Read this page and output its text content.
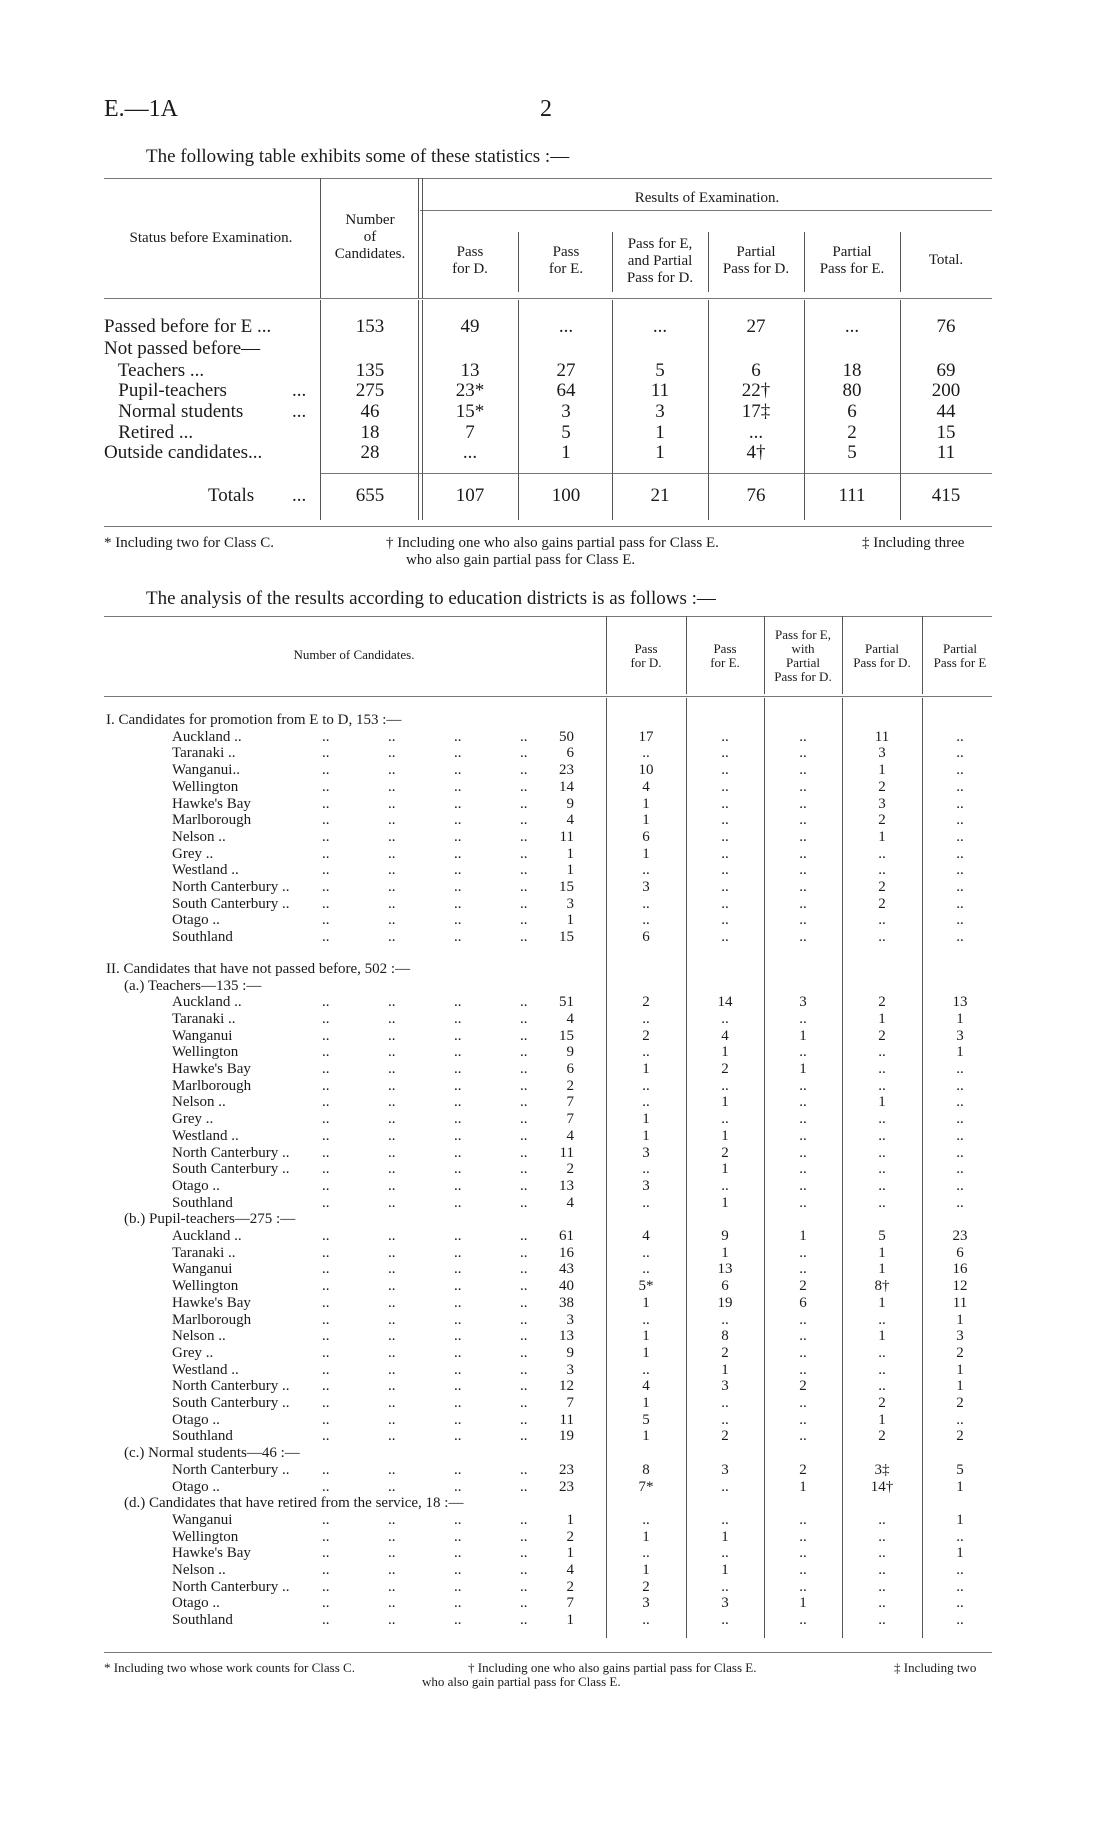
E.—1A	2
The following table exhibits some of these statistics :—
Status before Examination.
Number
of
Candidates.
Results of Examination.
Pass
for D.
Pass
for E.
Pass for E,
and Partial
Pass for D.
Partial
Pass for D.
Partial
Pass for E.
Total.
Passed before for E ...	153	49	...	...	27	...	76
Not passed before—
Teachers ...	135	13	27	5	6	18	69
Pupil-teachers	...	275	23*	64	11	22†	80	200
Normal students	...	46	15*	3	3	17‡	6	44
Retired ...	18	7	5	1	...	2	15
Outside candidates...	28	...	1	1	4†	5	11
Totals ...	655	107	100	21	76	111	415
* Including two for Class C.	† Including one who also gains partial pass for Class E.
who also gain partial pass for Class E.
‡ Including three
The analysis of the results according to education districts is as follows :—
Number of Candidates.	Pass
for D.
Pass
for E.
Pass for E,
with
Partial
Pass for D.
Partial
Pass for D.
Partial
Pass for E
I. Candidates for promotion from E to D, 153 :—
Auckland ..	..	..	..	..	50	17	..	..	11	..
Taranaki ..	..	..	..	..	6	..	..	..	3	..
Wanganui..	..	..	..	..	23	10	..	..	1	..
Wellington	..	..	..	..	14	4	..	..	2	..
Hawke's Bay	..	..	..	..	9	1	..	..	3	..
Marlborough	..	..	..	..	4	1	..	..	2	..
Nelson ..	..	..	..	..	11	6	..	..	1	..
Grey ..	..	..	..	..	1	1	..	..	..	..
Westland ..	..	..	..	..	1	..	..	..	..	..
North Canterbury .. ..	..	..	..	15	3	..	..	2	..
South Canterbury .. ..	..	..	..	3	..	..	..	2	..
Otago ..	..	..	..	..	1	..	..	..	..	..
Southland	..	..	..	..	15	6	..	..	..	..
II. Candidates that have not passed before, 502 :—
(a.) Teachers—135 :—
Auckland ..	..	..	..	..	51	2	14	3	2	13
Taranaki ..	..	..	..	..	4	..	..	..	1	1
Wanganui	..	..	..	..	15	2	4	1	2	3
Wellington	..	..	..	..	9	..	1	..	..	1
Hawke's Bay	..	..	..	..	6	1	2	1	..	..
Marlborough	..	..	..	..	2	..	..	..	..	..
Nelson ..	..	..	..	..	7	..	1	..	1	..
Grey ..	..	..	..	..	7	1	..	..	..	..
Westland ..	..	..	..	..	4	1	1	..	..	..
North Canterbury .. ..	..	..	..	11	3	2	..	..	..
South Canterbury .. ..	..	..	..	2	..	1	..	..	..
Otago ..	..	..	..	..	13	3	..	..	..	..
Southland	..	..	..	..	4	..	1	..	..	..
(b.) Pupil-teachers—275 :—
Auckland ..	..	..	..	..	61	4	9	1	5	23
Taranaki ..	..	..	..	..	16	..	1	..	1	6
Wanganui	..	..	..	..	43	..	13	..	1	16
Wellington	..	..	..	..	40	5*	6	2	8†	12
Hawke's Bay	..	..	..	..	38	1	19	6	1	11
Marlborough	..	..	..	..	3	..	..	..	..	1
Nelson ..	..	..	..	..	13	1	8	..	1	3
Grey ..	..	..	..	..	9	1	2	..	..	2
Westland ..	..	..	..	..	3	..	1	..	..	1
North Canterbury .. ..	..	..	..	12	4	3	2	..	1
South Canterbury .. ..	..	..	..	7	1	..	..	2	2
Otago ..	..	..	..	..	11	5	..	..	1	..
Southland	..	..	..	..	19	1	2	..	2	2
(c.) Normal students—46 :—
North Canterbury .. ..	..	..	..	23	8	3	2	3‡	5
Otago ..	..	..	..	..	23	7*	..	1	14†	1
(d.) Candidates that have retired from the service, 18 :—
Wanganui	..	..	..	..	1	..	..	..	..	1
Wellington	..	..	..	..	2	1	1	..	..	..
Hawke's Bay	..	..	..	..	1	..	..	..	..	1
Nelson ..	..	..	..	..	4	1	1	..	..	..
North Canterbury .. ..	..	..	..	2	2	..	..	..	..
Otago ..	..	..	..	..	7	3	3	1	..	..
Southland	..	..	..	..	1	..	..	..	..	..
* Including two whose work counts for Class C.	† Including one who also gains partial pass for Class E.
who also gain partial pass for Class E.
‡ Including two
